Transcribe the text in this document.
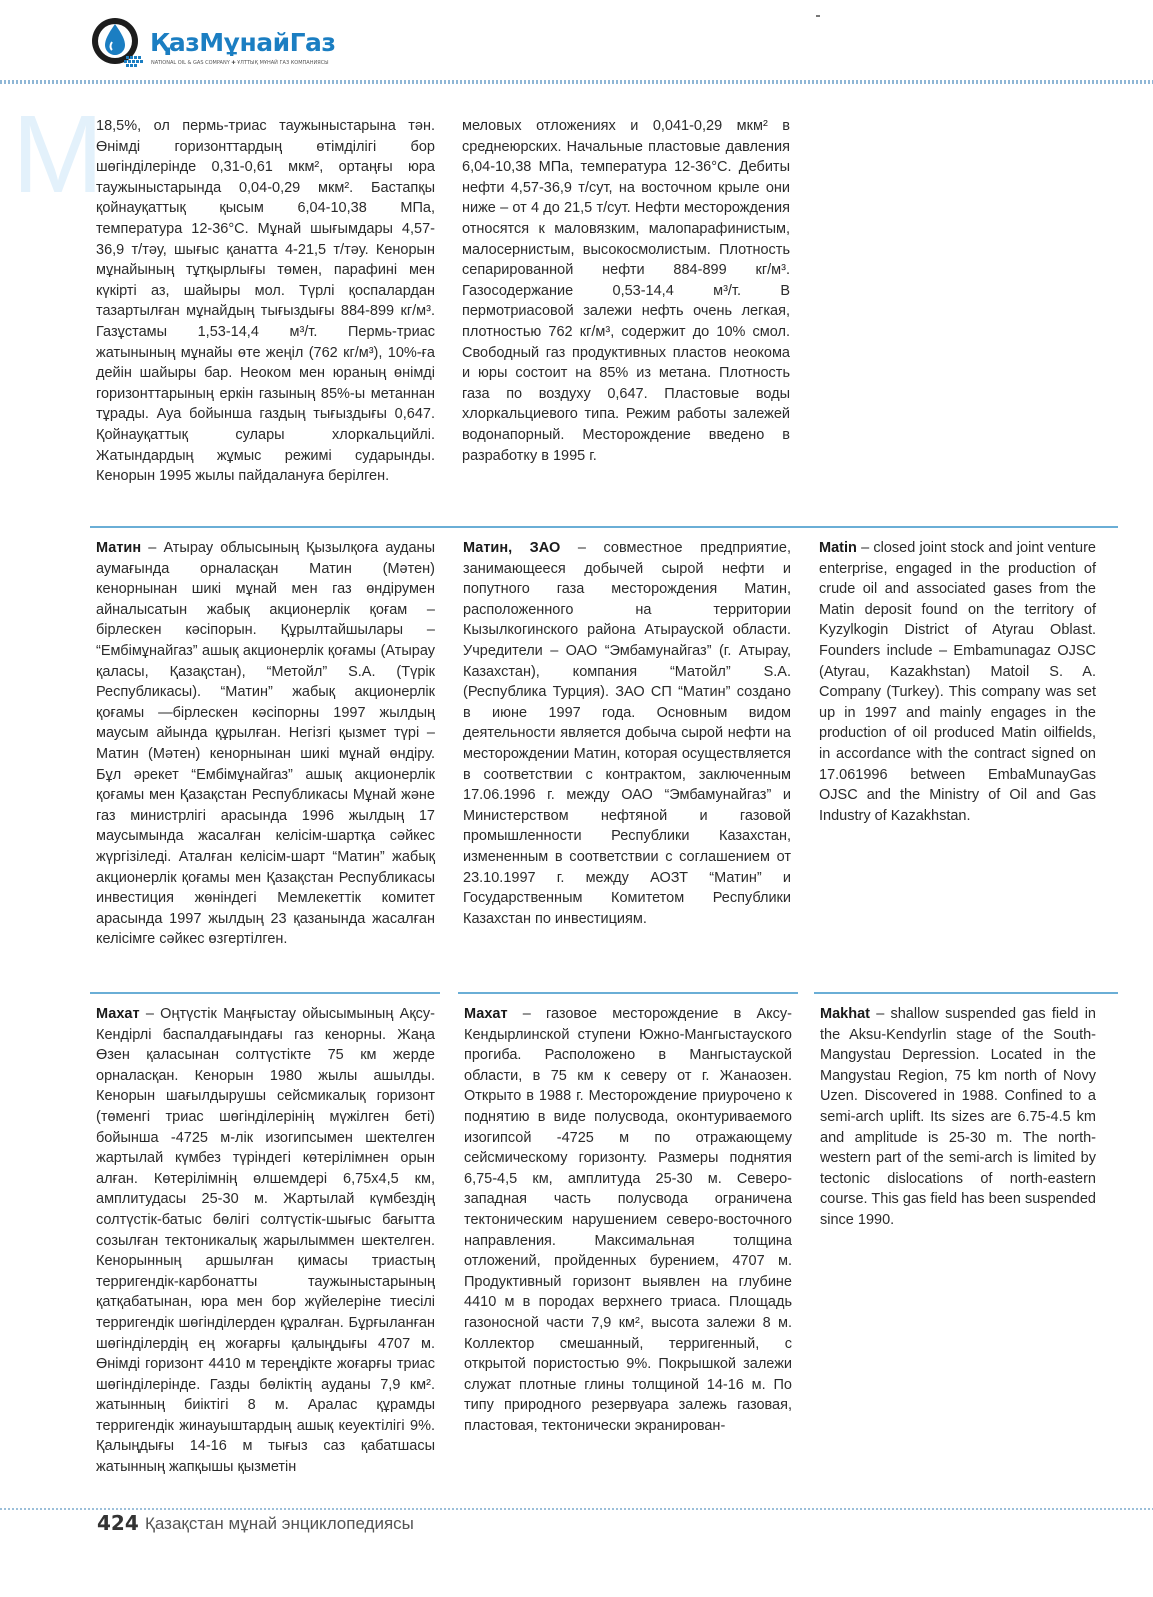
ҚазМұнайГаз
NATIONAL OIL & GAS COMPANY ✚ ҰЛТТЫҚ МҰНАЙ ГАЗ КОМПАНИЯСЫ
М

18,5%, ол пермь-триас таужыныстарына тән. Өнімді горизонттардың өтімділігі бор шөгінділерінде 0,31-0,61 мкм², ортаңғы юра таужыныстарында 0,04-0,29 мкм². Бастапқы қойнауқаттық қысым 6,04-10,38 МПа, температура 12-36°С. Мұнай шығымдары 4,57-36,9 т/тәу, шығыс қанатта 4-21,5 т/тәу. Кенорын мұнайының тұтқырлығы төмен, парафині мен күкірті аз, шайыры мол. Түрлі қоспалардан тазартылған мұнайдың тығыздығы 884-899 кг/м³. Газұстамы 1,53-14,4 м³/т. Пермь-триас жатынының мұнайы өте жеңіл (762 кг/м³), 10%-ға дейін шайыры бар. Неоком мен юраның өнімді горизонттарының еркін газының 85%-ы метаннан тұрады. Ауа бойынша газдың тығыздығы 0,647. Қойнауқаттық сулары хлоркальцийлі. Жатындардың жұмыс режимі сударынды. Кенорын 1995 жылы пайдалануға берілген.

меловых отложениях и 0,041-0,29 мкм² в среднеюрских. Начальные пластовые давления 6,04-10,38 МПа, температура 12-36°С. Дебиты нефти 4,57-36,9 т/сут, на восточном крыле они ниже – от 4 до 21,5 т/сут. Нефти месторождения относятся к маловязким, малопарафинистым, малосернистым, высокосмолистым. Плотность сепарированной нефти 884-899 кг/м³. Газосодержание 0,53-14,4 м³/т. В пермотриасовой залежи нефть очень легкая, плотностью 762 кг/м³, содержит до 10% смол. Свободный газ продуктивных пластов неокома и юры состоит на 85% из метана. Плотность газа по воздуху 0,647. Пластовые воды хлоркальциевого типа. Режим работы залежей водонапорный. Месторождение введено в разработку в 1995 г.

Матин – Атырау облысының Қызылқоға ауданы аумағында орналасқан Матин (Мәтен) кенорнынан шикі мұнай мен газ өндірумен айналысатын жабық акционерлік қоғам – бірлескен кәсіпорын. Құрылтайшылары – “Ембімұнайгаз” ашық акционерлік қоғамы (Атырау қаласы, Қазақстан), “Метойл” S.A. (Түрік Республикасы). “Матин” жабық акционерлік қоғамы —бірлескен кәсіпорны 1997 жылдың маусым айында құрылған. Негізгі қызмет түрі – Матин (Мәтен) кенорнынан шикі мұнай өндіру. Бұл әрекет “Ембімұнайгаз” ашық акционерлік қоғамы мен Қазақстан Республикасы Мұнай және газ министрлігі арасында 1996 жылдың 17 маусымында жасалған келісім-шартқа сәйкес жүргізіледі. Аталған келісім-шарт “Матин” жабық акционерлік қоғамы мен Қазақстан Республикасы инвестиция жөніндегі Мемлекеттік комитет арасында 1997 жылдың 23 қазанында жасалған келісімге сәйкес өзгертілген.

Матин, ЗАО – совместное предприятие, занимающееся добычей сырой нефти и попутного газа месторождения Матин, расположенного на территории Кызылкогинского района Атырауской области. Учредители – ОАО “Эмбамунайгаз” (г. Атырау, Казахстан), компания “Матойл” S.A. (Республика Турция). ЗАО СП “Матин” создано в июне 1997 года. Основным видом деятельности является добыча сырой нефти на месторождении Матин, которая осуществляется в соответствии с контрактом, заключенным 17.06.1996 г. между ОАО “Эмбамунайгаз” и Министерством нефтяной и газовой промышленности Республики Казахстан, измененным в соответствии с соглашением от 23.10.1997 г. между АОЗТ “Матин” и Государственным Комитетом Республики Казахстан по инвестициям.

Matin – closed joint stock and joint venture enterprise, engaged in the production of crude oil and associated gases from the Matin deposit found on the territory of Kyzylkogin District of Atyrau Oblast. Founders include – Embamunagaz OJSC (Atyrau, Kazakhstan) Matoil S. A. Company (Turkey). This company was set up in 1997 and mainly engages in the production of oil produced Matin oilfields, in accordance with the contract signed on 17.061996 between EmbaMunayGas OJSC and the Ministry of Oil and Gas Industry of Kazakhstan.

Махат – Оңтүстік Маңғыстау ойысымының Ақсу-Кендірлі баспалдағындағы газ кенорны. Жаңа Өзен қаласынан солтүстікте 75 км жерде орналасқан. Кенорын 1980 жылы ашылды. Кенорын шағылдырушы сейсмикалық горизонт (төменгі триас шөгінділерінің мүжілген беті) бойынша -4725 м-лік изогипсымен шектелген жартылай күмбез түріндегі көтерілімнен орын алған. Көтерілімнің өлшемдері 6,75х4,5 км, амплитудасы 25-30 м. Жартылай күмбездің солтүстік-батыс бөлігі солтүстік-шығыс бағытта созылған тектоникалық жарылыммен шектелген. Кенорынның аршылған қимасы триастың терригендік-карбонатты таужыныстарының қатқабатынан, юра мен бор жүйелеріне тиесілі терригендік шөгінділерден құралған. Бұрғыланған шөгінділердің ең жоғарғы қалыңдығы 4707 м. Өнімді горизонт 4410 м тереңдікте жоғарғы триас шөгінділерінде. Газды бөліктің ауданы 7,9 км². жатынның биіктігі 8 м. Аралас құрамды терригендік жинауыштардың ашық кеуектілігі 9%. Қалыңдығы 14-16 м тығыз саз қабатшасы жатынның жапқышы қызметін

Махат – газовое месторождение в Аксу-Кендырлинской ступени Южно-Мангыстауского прогиба. Расположено в Мангыстауской области, в 75 км к северу от г. Жанаозен. Открыто в 1988 г. Месторождение приурочено к поднятию в виде полусвода, оконтуриваемого изогипсой -4725 м по отражающему сейсмическому горизонту. Размеры поднятия 6,75-4,5 км, амплитуда 25-30 м. Северо-западная часть полусвода ограничена тектоническим нарушением северо-восточного направления. Максимальная толщина отложений, пройденных бурением, 4707 м. Продуктивный горизонт выявлен на глубине 4410 м в породах верхнего триаса. Площадь газоносной части 7,9 км², высота залежи 8 м. Коллектор смешанный, терригенный, с открытой пористостью 9%. Покрышкой залежи служат плотные глины толщиной 14-16 м. По типу природного резервуара залежь газовая, пластовая, тектонически экранирован-

Makhat – shallow suspended gas field in the Aksu-Kendyrlin stage of the South-Mangystau Depression. Located in the Mangystau Region, 75 km north of Novy Uzen. Discovered in 1988. Confined to a semi-arch uplift. Its sizes are 6.75-4.5 km and amplitude is 25-30 m. The north-western part of the semi-arch is limited by tectonic dislocations of north-eastern course. This gas field has been suspended since 1990.

424 Қазақстан мұнай энциклопедиясы
